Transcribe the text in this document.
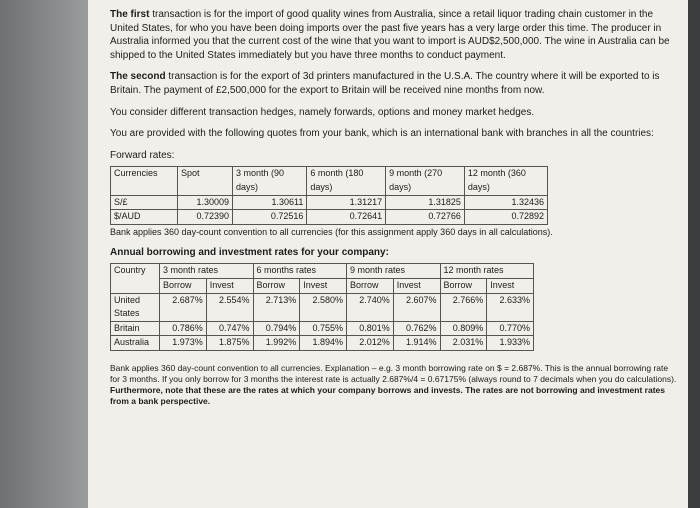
The first transaction is for the import of good quality wines from Australia, since a retail liquor trading chain customer in the United States, for who you have been doing imports over the past five years has a very large order this time. The producer in Australia informed you that the current cost of the wine that you want to import is AUD$2,500,000. The wine in Australia can be shipped to the United States immediately but you have three months to conduct payment.

The second transaction is for the export of 3d printers manufactured in the U.S.A. The country where it will be exported to is Britain. The payment of £2,500,000 for the export to Britain will be received nine months from now.

You consider different transaction hedges, namely forwards, options and money market hedges.

You are provided with the following quotes from your bank, which is an international bank with branches in all the countries:

Forward rates:
Currencies	Spot	3 month (90 days)	6 month (180 days)	9 month (270 days)	12 month (360 days)
S/£	1.30009	1.30611	1.31217	1.31825	1.32436
$/AUD	0.72390	0.72516	0.72641	0.72766	0.72892

Bank applies 360 day-count convention to all currencies (for this assignment apply 360 days in all calculations).

Annual borrowing and investment rates for your company:
Country	3 month rates		6 months rates		9 month rates		12 month rates	
	Borrow	Invest	Borrow	Invest	Borrow	Invest	Borrow	Invest
United States	2.687%	2.554%	2.713%	2.580%	2.740%	2.607%	2.766%	2.633%
Britain	0.786%	0.747%	0.794%	0.755%	0.801%	0.762%	0.809%	0.770%
Australia	1.973%	1.875%	1.992%	1.894%	2.012%	1.914%	2.031%	1.933%
Bank applies 360 day-count convention to all currencies. Explanation – e.g. 3 month borrowing rate on $ = 2.687%. This is the annual borrowing rate for 3 months. If you only borrow for 3 months the interest rate is actually 2.687%/4 = 0.67175% (always round to 7 decimals when you do calculations). Furthermore, note that these are the rates at which your company borrows and invests. The rates are not borrowing and investment rates from a bank perspective.
